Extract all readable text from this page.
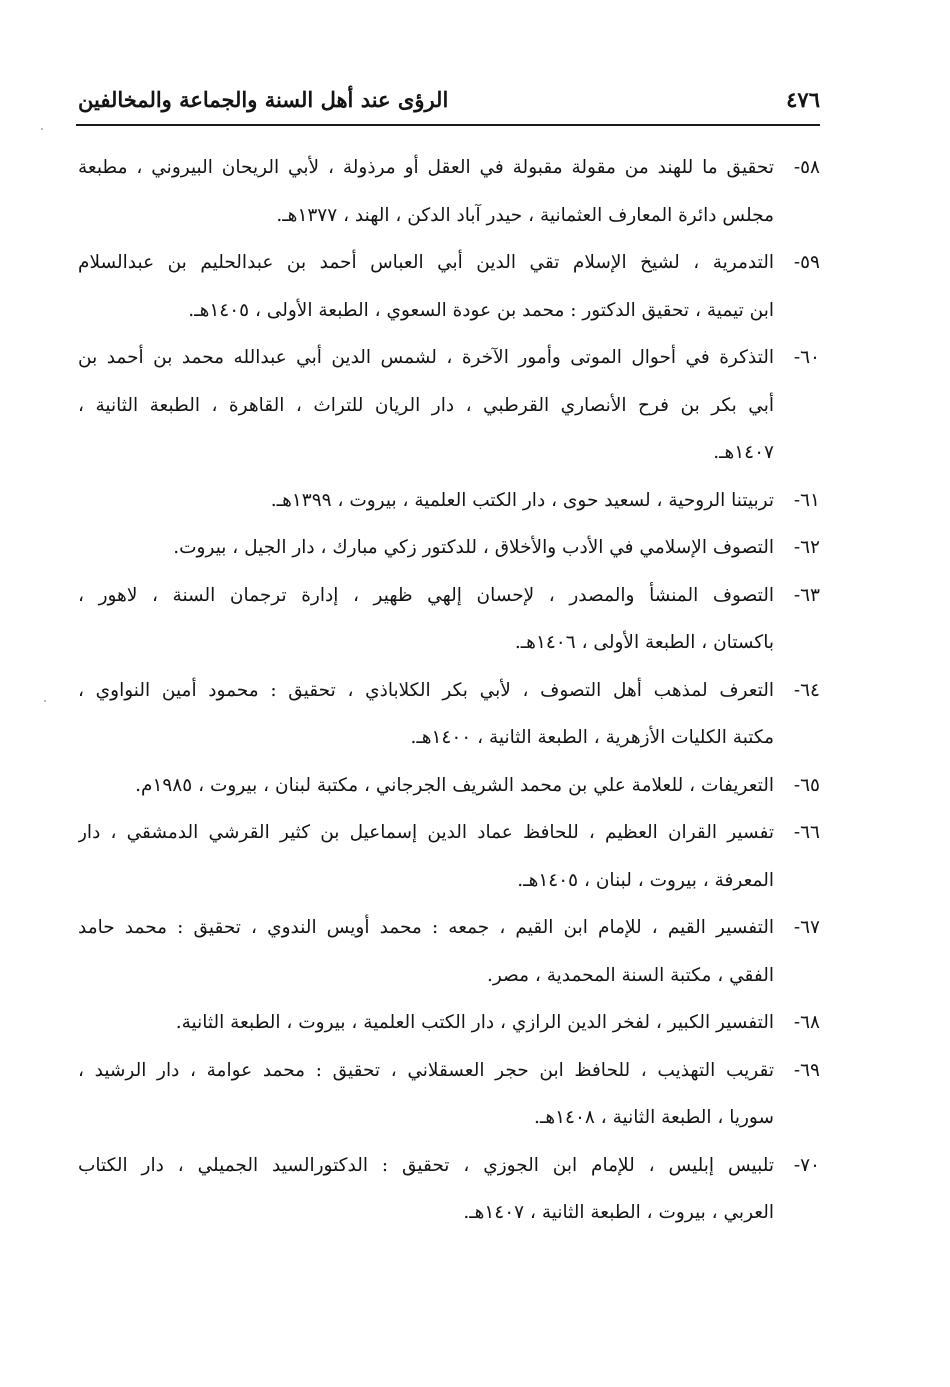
٤٧٦
الرؤى عند أهل السنة والجماعة والمخالفين
٥٨-
تحقيق ما للهند من مقولة مقبولة في العقل أو مرذولة ، لأبي الريحان البيروني ، مطبعة
مجلس دائرة المعارف العثمانية ، حيدر آباد الدكن ، الهند ، ١٣٧٧هـ.
٥٩-
التدمرية ، لشيخ الإسلام تقي الدين أبي العباس أحمد بن عبدالحليم بن عبدالسلام
ابن تيمية ، تحقيق الدكتور : محمد بن عودة السعوي ، الطبعة الأولى ، ١٤٠٥هـ.
٦٠-
التذكرة في أحوال الموتى وأمور الآخرة ، لشمس الدين أبي عبدالله محمد بن أحمد بن
أبي بكر بن فرح الأنصاري القرطبي ، دار الريان للتراث ، القاهرة ، الطبعة الثانية ،
١٤٠٧هـ.
٦١-
تربيتنا الروحية ، لسعيد حوى ، دار الكتب العلمية ، بيروت ، ١٣٩٩هـ.
٦٢-
التصوف الإسلامي في الأدب والأخلاق ، للدكتور زكي مبارك ، دار الجيل ، بيروت.
٦٣-
التصوف المنشأ والمصدر ، لإحسان إلهي ظهير ، إدارة ترجمان السنة ، لاهور ،
باكستان ، الطبعة الأولى ، ١٤٠٦هـ.
٦٤-
التعرف لمذهب أهل التصوف ، لأبي بكر الكلاباذي ، تحقيق : محمود أمين النواوي ،
مكتبة الكليات الأزهرية ، الطبعة الثانية ، ١٤٠٠هـ.
٦٥-
التعريفات ، للعلامة علي بن محمد الشريف الجرجاني ، مكتبة لبنان ، بيروت ، ١٩٨٥م.
٦٦-
تفسير القران العظيم ، للحافظ عماد الدين إسماعيل بن كثير القرشي الدمشقي ، دار
المعرفة ، بيروت ، لبنان ، ١٤٠٥هـ.
٦٧-
التفسير القيم ، للإمام ابن القيم ، جمعه : محمد أويس الندوي ، تحقيق : محمد حامد
الفقي ، مكتبة السنة المحمدية ، مصر.
٦٨-
التفسير الكبير ، لفخر الدين الرازي ، دار الكتب العلمية ، بيروت ، الطبعة الثانية.
٦٩-
تقريب التهذيب ، للحافظ ابن حجر العسقلاني ، تحقيق : محمد عوامة ، دار الرشيد ،
سوريا ، الطبعة الثانية ، ١٤٠٨هـ.
٧٠-
تلبيس إبليس ، للإمام ابن الجوزي ، تحقيق : الدكتورالسيد الجميلي ، دار الكتاب
العربي ، بيروت ، الطبعة الثانية ، ١٤٠٧هـ.
